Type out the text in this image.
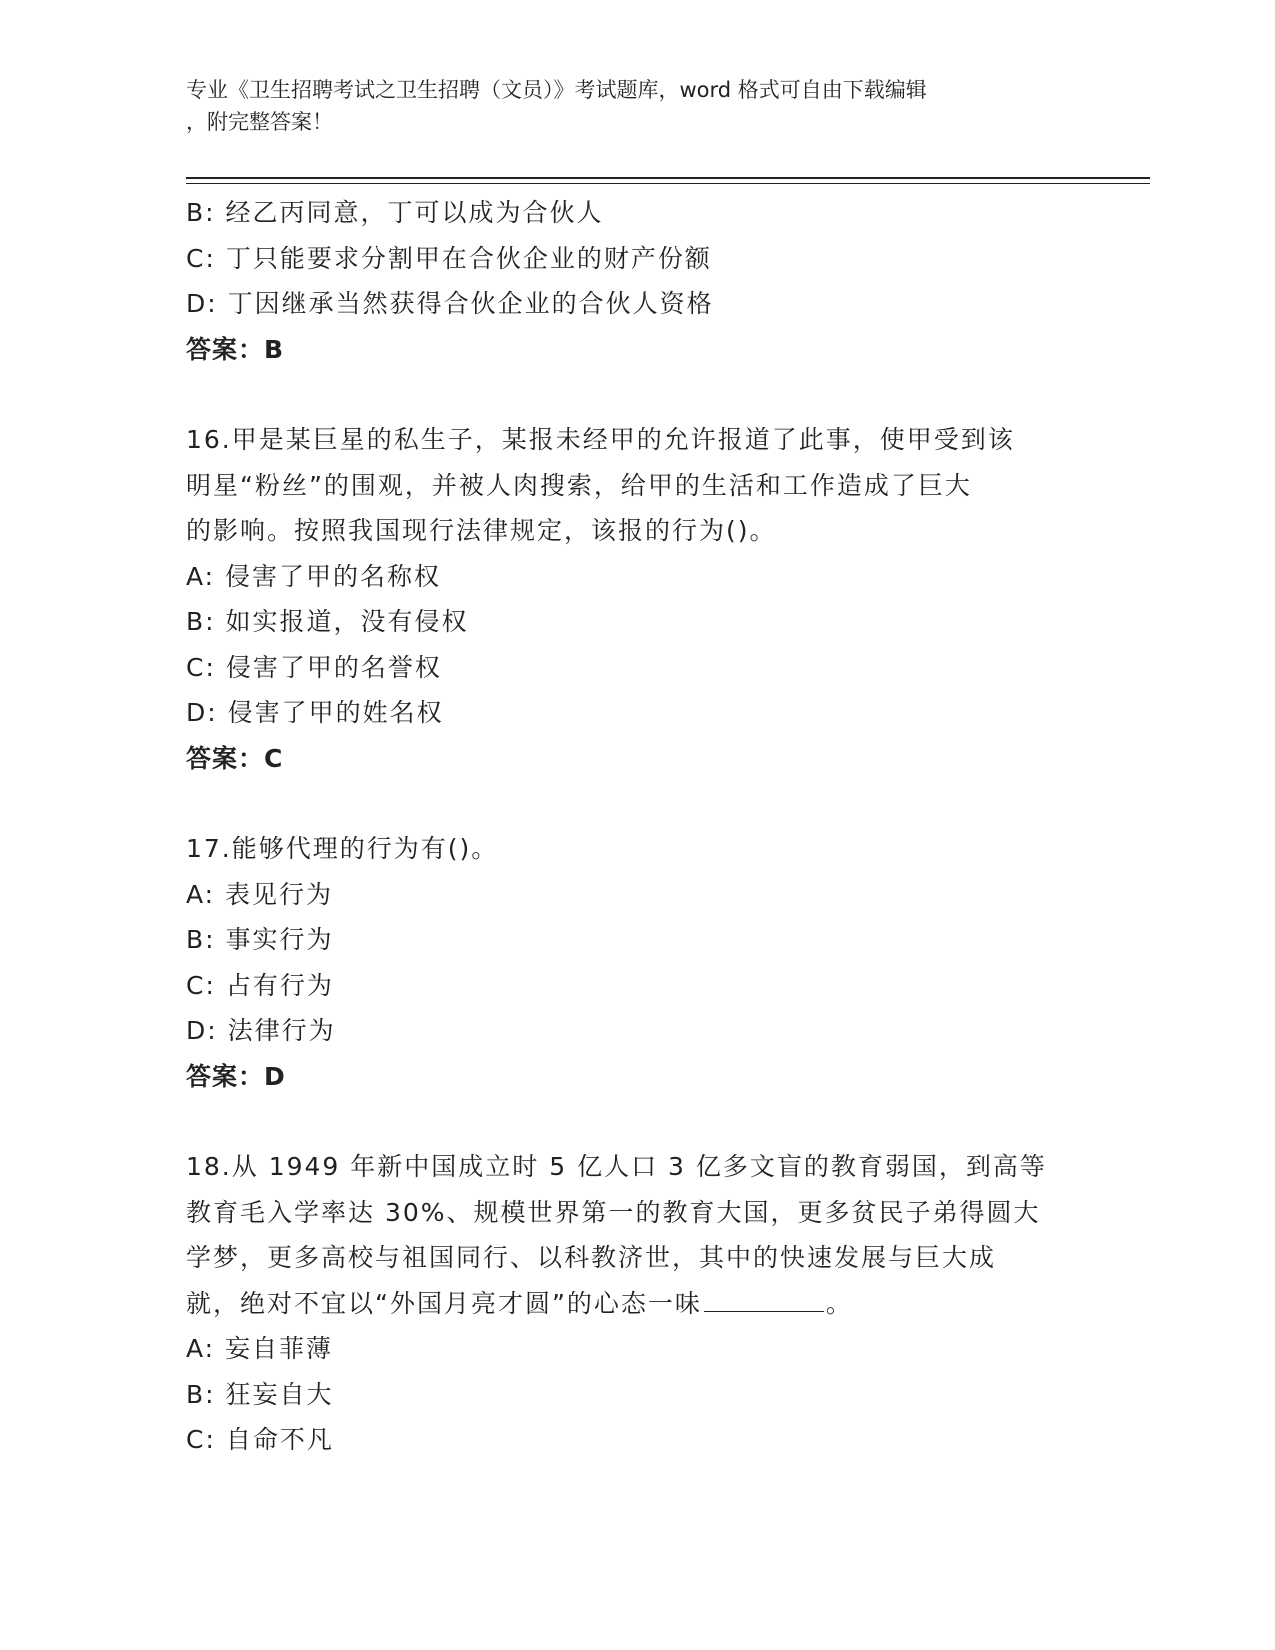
专业《卫生招聘考试之卫生招聘（文员）》考试题库，word 格式可自由下载编辑
，附完整答案！
B: 经乙丙同意，丁可以成为合伙人
C: 丁只能要求分割甲在合伙企业的财产份额
D: 丁因继承当然获得合伙企业的合伙人资格
答案：B
16.甲是某巨星的私生子，某报未经甲的允许报道了此事，使甲受到该
明星“粉丝”的围观，并被人肉搜索，给甲的生活和工作造成了巨大
的影响。按照我国现行法律规定，该报的行为()。
A: 侵害了甲的名称权
B: 如实报道，没有侵权
C: 侵害了甲的名誉权
D: 侵害了甲的姓名权
答案：C
17.能够代理的行为有()。
A: 表见行为
B: 事实行为
C: 占有行为
D: 法律行为
答案：D
18.从 1949 年新中国成立时 5 亿人口 3 亿多文盲的教育弱国，到高等
教育毛入学率达 30%、规模世界第一的教育大国，更多贫民子弟得圆大
学梦，更多高校与祖国同行、以科教济世，其中的快速发展与巨大成
就，绝对不宜以“外国月亮才圆”的心态一味	。
A: 妄自菲薄
B: 狂妄自大
C: 自命不凡
